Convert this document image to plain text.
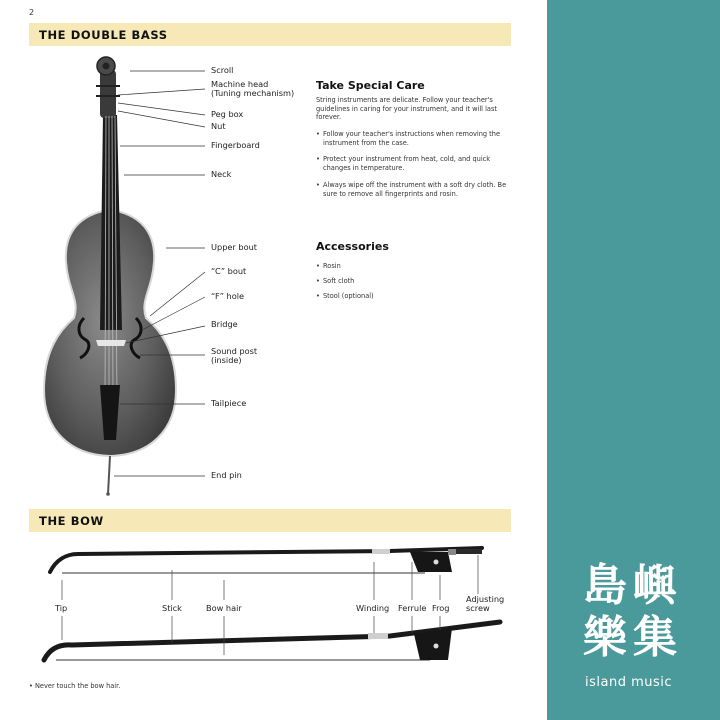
2
THE DOUBLE BASS
Scroll
Machine head
(Tuning mechanism)
Peg box
Nut
Fingerboard
Neck
Upper bout
“C” bout
“F” hole
Bridge
Sound post
(inside)
Tailpiece
End pin
Take Special Care
String instruments are delicate. Follow your teacher's guidelines in caring for your instrument, and it will last forever.
• Follow your teacher's instructions when removing the instrument from the case.
• Protect your instrument from heat, cold, and quick changes in temperature.
• Always wipe off the instrument with a soft dry cloth. Be sure to remove all fingerprints and rosin.
Accessories
• Rosin
• Soft cloth
• Stool (optional)
THE BOW
Tip	Stick	Bow hair	Winding Ferrule Frog
Adjusting
screw
• Never touch the bow hair.
島嶼
樂集
island music
